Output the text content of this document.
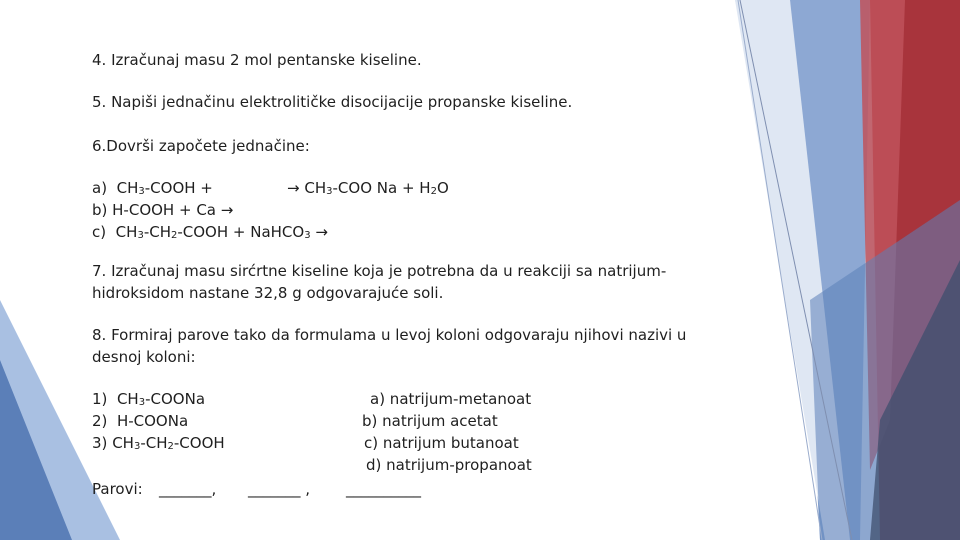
4. Izračunaj masu 2 mol pentanske kiseline.
5. Napiši jednačinu elektrolitičke disocijacije propanske kiseline.
6.Dovrši započete jednačine:
a) $CH_3$-COOH +	→ $CH_3$-COO $Na + H_2O$
b) H-COOH + Ca →
c) $CH_3-CH_2$-COOH + NaHCO$_3$ →
7. Izračunaj masu sirćrtne kiseline koja je potrebna da u reakciji sa natrijum-
hidroksidom nastane 32,8 g odgovarajuće soli.
8. Formiraj parove tako da formulama u levoj koloni odgovaraju njihovi nazivi u
desnoj koloni:
1) $CH_3$-COONa
2) H-COONa
3) $CH_3-CH_2$-COOH
a) natrijum-metanoat
b) natrijum acetat
c) natrijum butanoat
d) natrijum-propanoat
Parovi: _______, _______ , __________
